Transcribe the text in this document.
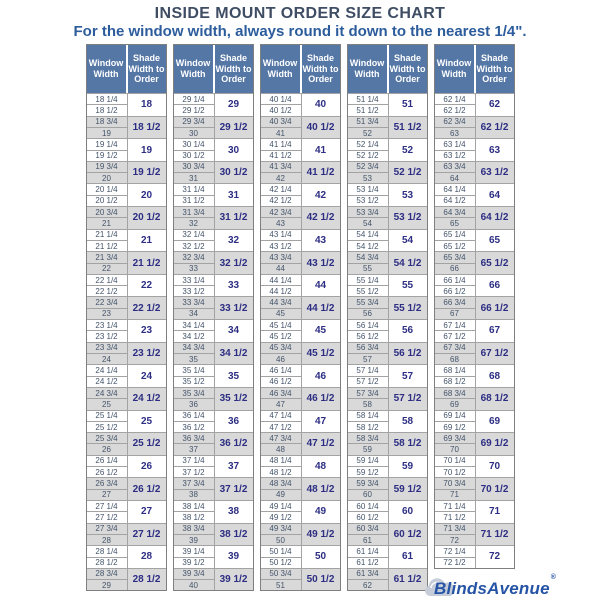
INSIDE MOUNT ORDER SIZE CHART
For the window width, always round it down to the nearest 1/4".
Window Width
Shade Width to Order
18 1/4
18 1/2
18
18 3/4
19
18 1/2
19 1/4
19 1/2
19
19 3/4
20
19 1/2
20 1/4
20 1/2
20
20 3/4
21
20 1/2
21 1/4
21 1/2
21
21 3/4
22
21 1/2
22 1/4
22 1/2
22
22 3/4
23
22 1/2
23 1/4
23 1/2
23
23 3/4
24
23 1/2
24 1/4
24 1/2
24
24 3/4
25
24 1/2
25 1/4
25 1/2
25
25 3/4
26
25 1/2
26 1/4
26 1/2
26
26 3/4
27
26 1/2
27 1/4
27 1/2
27
27 3/4
28
27 1/2
28 1/4
28 1/2
28
28 3/4
29
28 1/2
Window Width
Shade Width to Order
29 1/4
29 1/2
29
29 3/4
30
29 1/2
30 1/4
30 1/2
30
30 3/4
31
30 1/2
31 1/4
31 1/2
31
31 3/4
32
31 1/2
32 1/4
32 1/2
32
32 3/4
33
32 1/2
33 1/4
33 1/2
33
33 3/4
34
33 1/2
34 1/4
34 1/2
34
34 3/4
35
34 1/2
35 1/4
35 1/2
35
35 3/4
36
35 1/2
36 1/4
36 1/2
36
36 3/4
37
36 1/2
37 1/4
37 1/2
37
37 3/4
38
37 1/2
38 1/4
38 1/2
38
38 3/4
39
38 1/2
39 1/4
39 1/2
39
39 3/4
40
39 1/2
Window Width
Shade Width to Order
40 1/4
40 1/2
40
40 3/4
41
40 1/2
41 1/4
41 1/2
41
41 3/4
42
41 1/2
42 1/4
42 1/2
42
42 3/4
43
42 1/2
43 1/4
43 1/2
43
43 3/4
44
43 1/2
44 1/4
44 1/2
44
44 3/4
45
44 1/2
45 1/4
45 1/2
45
45 3/4
46
45 1/2
46 1/4
46 1/2
46
46 3/4
47
46 1/2
47 1/4
47 1/2
47
47 3/4
48
47 1/2
48 1/4
48 1/2
48
48 3/4
49
48 1/2
49 1/4
49 1/2
49
49 3/4
50
49 1/2
50 1/4
50 1/2
50
50 3/4
51
50 1/2
Window Width
Shade Width to Order
51 1/4
51 1/2
51
51 3/4
52
51 1/2
52 1/4
52 1/2
52
52 3/4
53
52 1/2
53 1/4
53 1/2
53
53 3/4
54
53 1/2
54 1/4
54 1/2
54
54 3/4
55
54 1/2
55 1/4
55 1/2
55
55 3/4
56
55 1/2
56 1/4
56 1/2
56
56 3/4
57
56 1/2
57 1/4
57 1/2
57
57 3/4
58
57 1/2
58 1/4
58 1/2
58
58 3/4
59
58 1/2
59 1/4
59 1/2
59
59 3/4
60
59 1/2
60 1/4
60 1/2
60
60 3/4
61
60 1/2
61 1/4
61 1/2
61
61 3/4
62
61 1/2
Window Width
Shade Width to Order
62 1/4
62 1/2
62
62 3/4
63
62 1/2
63 1/4
63 1/2
63
63 3/4
64
63 1/2
64 1/4
64 1/2
64
64 3/4
65
64 1/2
65 1/4
65 1/2
65
65 3/4
66
65 1/2
66 1/4
66 1/2
66
66 3/4
67
66 1/2
67 1/4
67 1/2
67
67 3/4
68
67 1/2
68 1/4
68 1/2
68
68 3/4
69
68 1/2
69 1/4
69 1/2
69
69 3/4
70
69 1/2
70 1/4
70 1/2
70
70 3/4
71
70 1/2
71 1/4
71 1/2
71
71 3/4
72
71 1/2
72 1/4
72 1/2
72
BlindsAvenue®
